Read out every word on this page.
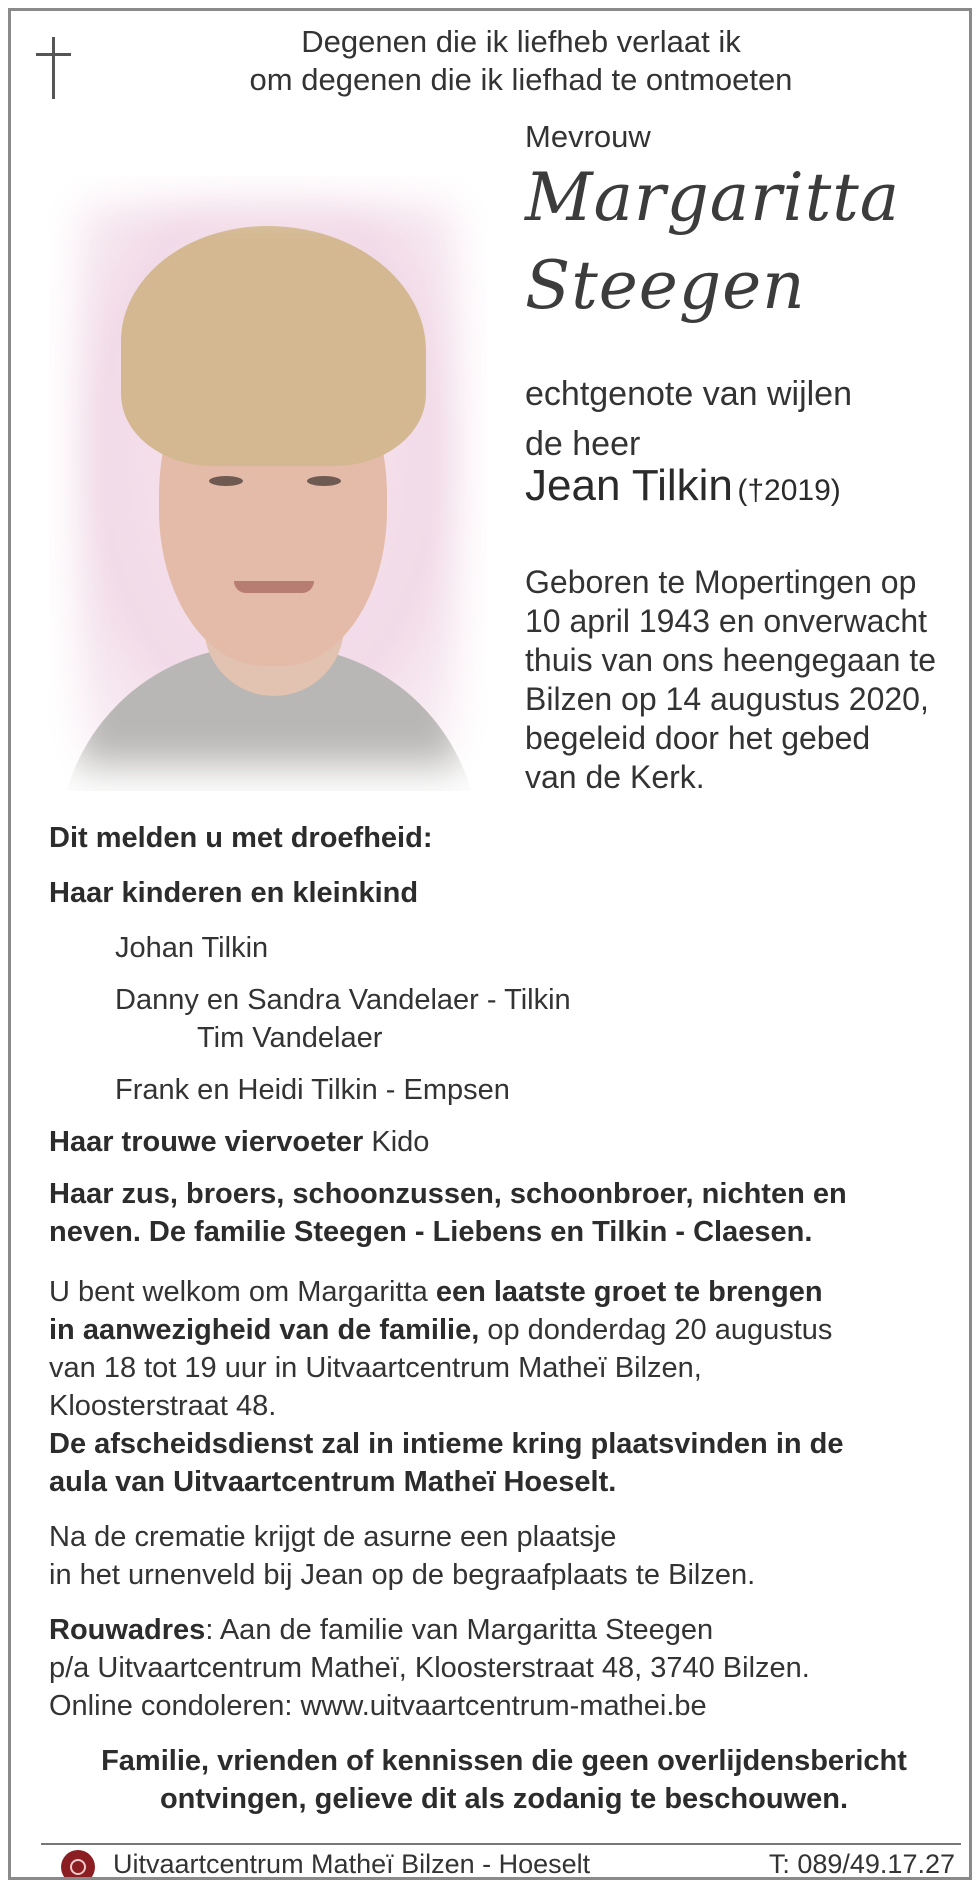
Degenen die ik liefheb verlaat ik
om degenen die ik liefhad te ontmoeten
Mevrouw
Margaritta
Steegen
echtgenote van wijlen
de heer
Jean Tilkin (†2019)
Geboren te Mopertingen op
10 april 1943 en onverwacht
thuis van ons heengegaan te
Bilzen op 14 augustus 2020,
begeleid door het gebed
van de Kerk.

Dit melden u met droefheid:

Haar kinderen en kleinkind

Johan Tilkin

Danny en Sandra Vandelaer - Tilkin

Tim Vandelaer

Frank en Heidi Tilkin - Empsen

Haar trouwe viervoeter Kido

Haar zus, broers, schoonzussen, schoonbroer, nichten en

neven. De familie Steegen - Liebens en Tilkin - Claesen.

U bent welkom om Margaritta een laatste groet te brengen

in aanwezigheid van de familie, op donderdag 20 augustus

van 18 tot 19 uur in Uitvaartcentrum Matheï Bilzen,

Kloosterstraat 48.

De afscheidsdienst zal in intieme kring plaatsvinden in de

aula van Uitvaartcentrum Matheï Hoeselt.

Na de crematie krijgt de asurne een plaatsje

in het urnenveld bij Jean op de begraafplaats te Bilzen.

Rouwadres: Aan de familie van Margaritta Steegen

p/a Uitvaartcentrum Matheï, Kloosterstraat 48, 3740 Bilzen.

Online condoleren: www.uitvaartcentrum-mathei.be

Familie, vrienden of kennissen die geen overlijdensbericht

ontvingen, gelieve dit als zodanig te beschouwen.

Uitvaartcentrum Matheï Bilzen - Hoeselt	T: 089/49.17.27
